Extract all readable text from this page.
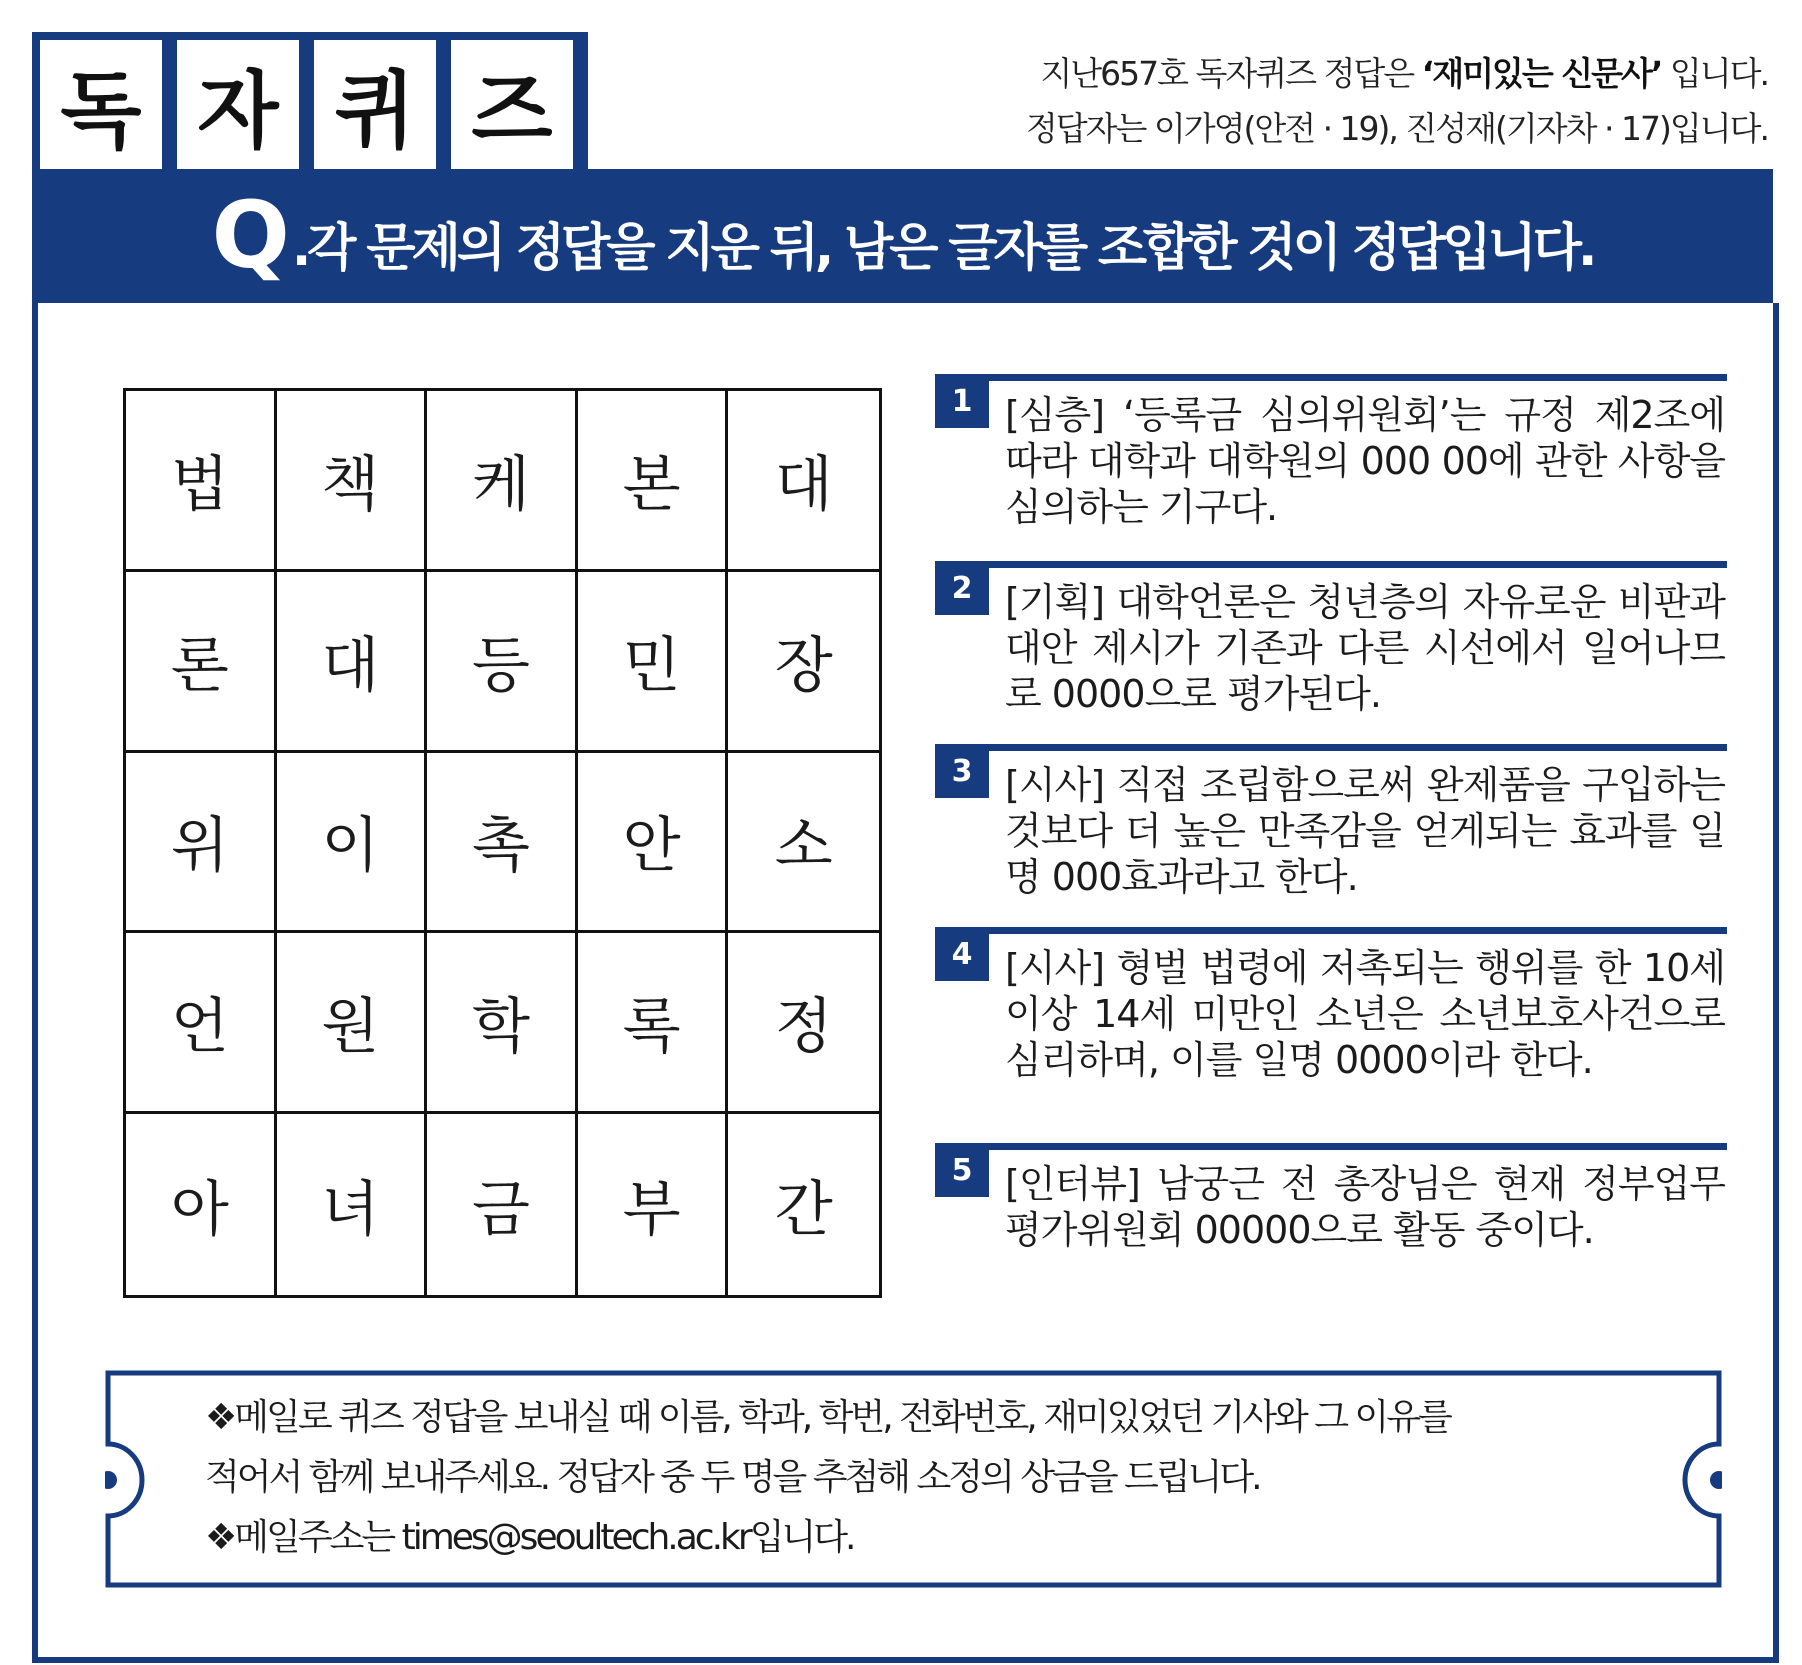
독 자 퀴 즈	지난657호 독자퀴즈 정답은 ‘재미있는 신문사’ 입니다.
정답자는 이가영(안전 · 19), 진성재(기자차 · 17)입니다.
Q .각 문제의 정답을 지운 뒤, 남은 글자를 조합한 것이 정답입니다.
법	책	케	본	대
론	대	등	민	장
위	이	촉	안	소
언	원	학	록	정
아	녀	금	부	간
1 [심층] ‘등록금 심의위원회’는 규정 제2조에 따라 대학과 대학원의 000 00에 관한 사항을 심의하는 기구다.
2 [기획] 대학언론은 청년층의 자유로운 비판과 대안 제시가 기존과 다른 시선에서 일어나므로 0000으로 평가된다.
3 [시사] 직접 조립함으로써 완제품을 구입하는 것보다 더 높은 만족감을 얻게되는 효과를 일명 000효과라고 한다.
4 [시사] 형벌 법령에 저촉되는 행위를 한 10세 이상 14세 미만인 소년은 소년보호사건으로 심리하며, 이를 일명 0000이라 한다.
5 [인터뷰] 남궁근 전 총장님은 현재 정부업무평가위원회 00000으로 활동 중이다.
❖메일로 퀴즈 정답을 보내실 때 이름, 학과, 학번, 전화번호, 재미있었던 기사와 그 이유를
적어서 함께 보내주세요. 정답자 중 두 명을 추첨해 소정의 상금을 드립니다.
❖메일주소는 times@seoultech.ac.kr입니다.
